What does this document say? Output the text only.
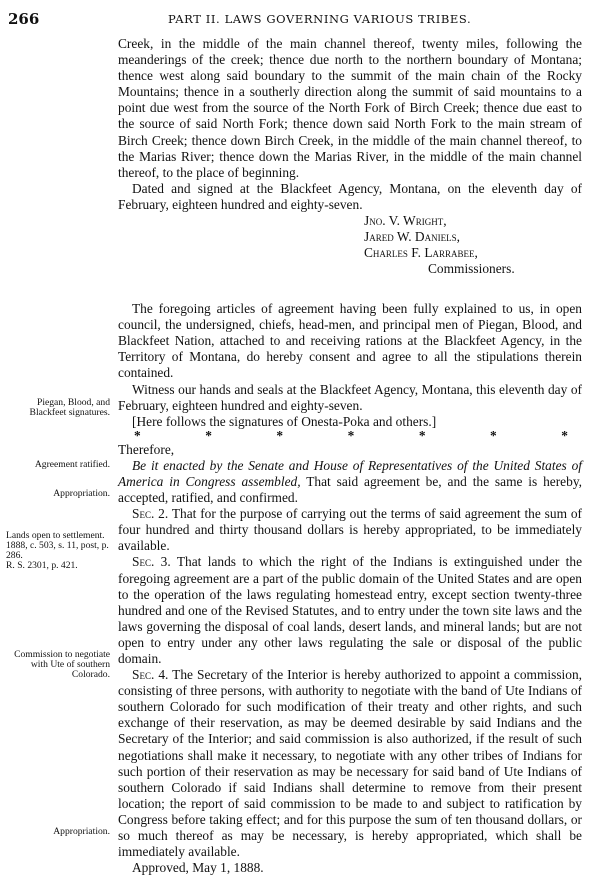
266	PART II. LAWS GOVERNING VARIOUS TRIBES.

Creek, in the middle of the main channel thereof, twenty miles, following the meanderings of the creek; thence due north to the northern boundary of Montana; thence west along said boundary to the summit of the main chain of the Rocky Mountains; thence in a southerly direction along the summit of said mountains to a point due west from the source of the North Fork of Birch Creek; thence due east to the source of said North Fork; thence down said North Fork to the main stream of Birch Creek; thence down Birch Creek, in the middle of the main channel thereof, to the Marias River; thence down the Marias River, in the middle of the main channel thereof, to the place of beginning.

Dated and signed at the Blackfeet Agency, Montana, on the eleventh day of February, eighteen hundred and eighty-seven.

Jno. V. Wright,
Jared W. Daniels,
Charles F. Larrabee,
Commissioners.

The foregoing articles of agreement having been fully explained to us, in open council, the undersigned, chiefs, head-men, and principal men of Piegan, Blood, and Blackfeet Nation, attached to and receiving rations at the Blackfeet Agency, in the Territory of Montana, do hereby consent and agree to all the stipulations therein contained.

Witness our hands and seals at the Blackfeet Agency, Montana, this eleventh day of February, eighteen hundred and eighty-seven.

[Here follows the signatures of Onesta-Poka and others.]

*	*	*	*	*	*	*

Therefore,

Be it enacted by the Senate and House of Representatives of the United States of America in Congress assembled, That said agreement be, and the same is hereby, accepted, ratified, and confirmed.

Sec. 2. That for the purpose of carrying out the terms of said agreement the sum of four hundred and thirty thousand dollars is hereby appropriated, to be immediately available.

Sec. 3. That lands to which the right of the Indians is extinguished under the foregoing agreement are a part of the public domain of the United States and are open to the operation of the laws regulating homestead entry, except section twenty-three hundred and one of the Revised Statutes, and to entry under the town site laws and the laws governing the disposal of coal lands, desert lands, and mineral lands; but are not open to entry under any other laws regulating the sale or disposal of the public domain.

Sec. 4. The Secretary of the Interior is hereby authorized to appoint a commission, consisting of three persons, with authority to negotiate with the band of Ute Indians of southern Colorado for such modification of their treaty and other rights, and such exchange of their reservation, as may be deemed desirable by said Indians and the Secretary of the Interior; and said commission is also authorized, if the result of such negotiations shall make it necessary, to negotiate with any other tribes of Indians for such portion of their reservation as may be necessary for said band of Ute Indians of southern Colorado if said Indians shall determine to remove from their present location; the report of said commission to be made to and subject to ratification by Congress before taking effect; and for this purpose the sum of ten thousand dollars, or so much thereof as may be necessary, is hereby appropriated, which shall be immediately available.

Approved, May 1, 1888.

Piegan, Blood, and Blackfeet signatures.
Agreement ratified.
Appropriation.
Lands open to settlement.
1888, c. 503, s. 11, post, p. 286.
R. S. 2301, p. 421.
Commission to negotiate with Ute of southern Colorado.
Appropriation.
